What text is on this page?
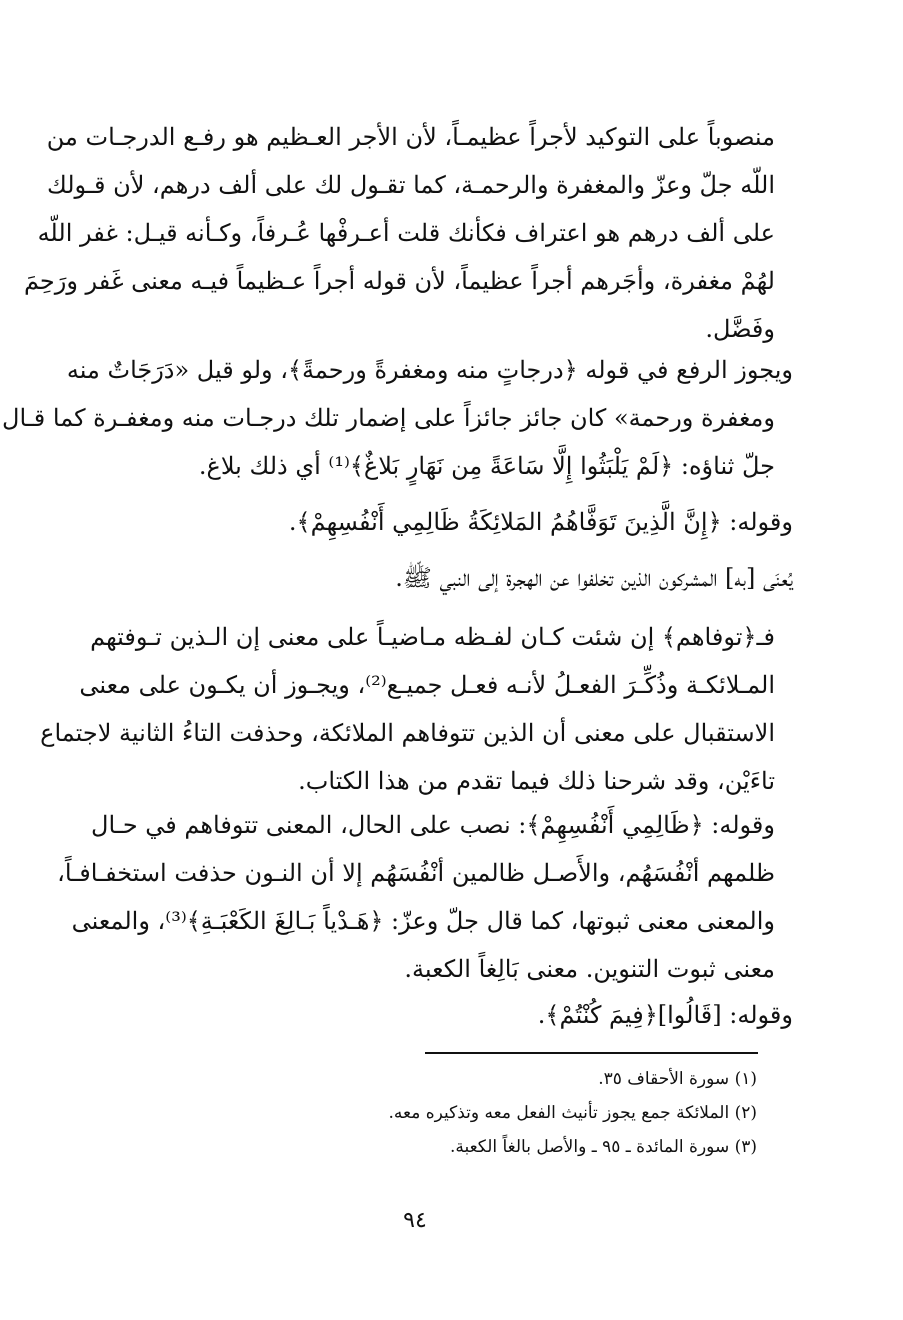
منصوباً على التوكيد لأجراً عظيمـاً، لأن الأجر العـظيم هو رفـع الدرجـات من
اللّه جلّ وعزّ والمغفرة والرحمـة، كما تقـول لك على ألف درهم، لأن قـولك
على ألف درهم هو اعتراف فكأنك قلت أعـرفْها عُـرفاً، وكـأنه قيـل: غفر اللّه
لهُمْ مغفرة، وأجَرهم أجراً عظيماً، لأن قوله أجراً عـظيماً فيـه معنى غَفر ورَحِمَ
وفَضَّل.
ويجوز الرفع في قوله ﴿درجاتٍ منه ومغفرةً ورحمةً﴾، ولو قيل «دَرَجَاتٌ منه
ومغفرة ورحمة» كان جائز جائزاً على إضمار تلك درجـات منه ومغفـرة كما قـال
جلّ ثناؤه: ﴿لَمْ يَلْبَثُوا إِلَّا سَاعَةً مِن نَهَارٍ بَلاغٌ﴾⁽¹⁾ أي ذلك بلاغ.
وقوله: ﴿إِنَّ الَّذِينَ تَوَفَّاهُمُ المَلائِكَةُ ظَالِمِي أَنْفُسِهِمْ﴾.
يُعنَى [به] المشركون الذين تخلفوا عن الهجرة إلى النبي ﷺ.
فـ﴿توفاهم﴾ إن شئت كـان لفـظه مـاضيـاً على معنى إن الـذين تـوفتهم
المـلائكـة وذُكِّـرَ الفعـلُ لأنـه فعـل جميـع⁽²⁾، ويجـوز أن يكـون على معنى
الاستقبال على معنى أن الذين تتوفاهم الملائكة، وحذفت التاءُ الثانية لاجتماع
تاءَيْن، وقد شرحنا ذلك فيما تقدم من هذا الكتاب.
وقوله: ﴿ظَالِمِي أَنْفُسِهِمْ﴾: نصب على الحال، المعنى تتوفاهم في حـال
ظلمهم أنْفُسَهُم، والأَصـل ظالمين أنْفُسَهُم إلا أن النـون حذفت استخفـافـاً،
والمعنى معنى ثبوتها، كما قال جلّ وعزّ: ﴿هَـدْياً بَـالِغَ الكَعْبَـةِ﴾⁽³⁾، والمعنى
معنى ثبوت التنوين. معنى بَالِغاً الكعبة.
وقوله: [قَالُوا]﴿فِيمَ كُنْتُمْ﴾.
(١) سورة الأحقاف ٣٥.
(٢) الملائكة جمع يجوز تأنيث الفعل معه وتذكيره معه.
(٣) سورة المائدة ـ ٩٥ ـ والأصل بالغاً الكعبة.
٩٤
